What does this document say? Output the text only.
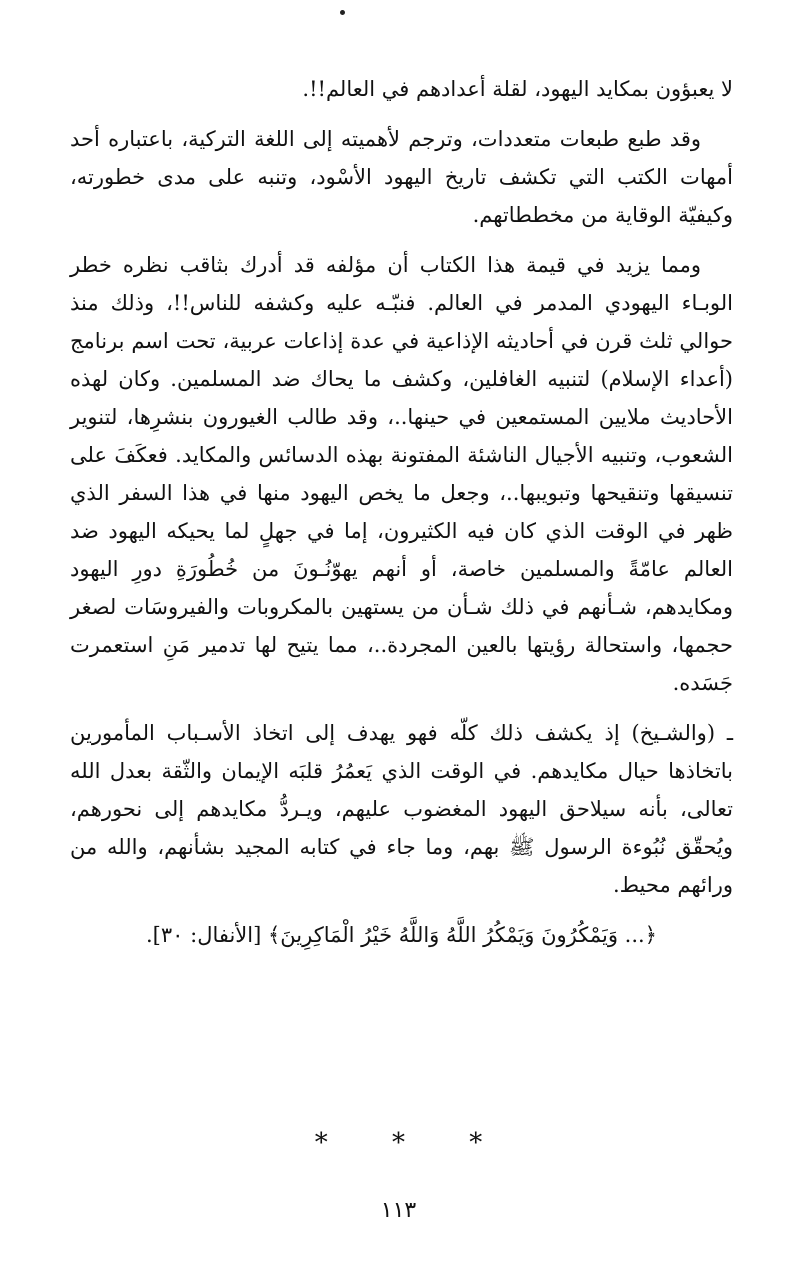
لا يعبؤون بمكايد اليهود، لقلة أعدادهم في العالم!!.

وقد طبع طبعات متعددات، وترجم لأهميته إلى اللغة التركية، باعتباره أحد أمهات الكتب التي تكشف تاريخ اليهود الأسْود، وتنبه على مدى خطورته، وكيفيّة الوقاية من مخططاتهم.

ومما يزيد في قيمة هذا الكتاب أن مؤلفه قد أدرك بثاقب نظره خطر الوبـاء اليهودي المدمر في العالم. فنبّـه عليه وكشفه للناس!!، وذلك منذ حوالي ثلث قرن في أحاديثه الإذاعية في عدة إذاعات عربية، تحت اسم برنامج (أعداء الإسلام) لتنبيه الغافلين، وكشف ما يحاك ضد المسلمين. وكان لهذه الأحاديث ملايين المستمعين في حينها..، وقد طالب الغيورون بنشرِها، لتنوير الشعوب، وتنبيه الأجيال الناشئة المفتونة بهذه الدسائس والمكايد. فعكَفَ على تنسيقها وتنقيحها وتبويبها..، وجعل ما يخص اليهود منها في هذا السفر الذي ظهر في الوقت الذي كان فيه الكثيرون، إما في جهلٍ لما يحيكه اليهود ضد العالم عامّةً والمسلمين خاصة، أو أنهم يهوّنُـونَ من خُطُورَةِ دورِ اليهود ومكايدهم، شـأنهم في ذلك شـأن من يستهين بالمكروبات والفيروسَات لصغر حجمها، واستحالة رؤيتها بالعين المجردة..، مما يتيح لها تدمير مَنِ استعمرت جَسَده.

ـ (والشـيخ) إذ يكشف ذلك كلّه فهو يهدف إلى اتخاذ الأسـباب المأمورين باتخاذها حيال مكايدهم. في الوقت الذي يَعمُرُ قلبَه الإيمان والثّقة بعدل الله تعالى، بأنه سيلاحق اليهود المغضوب عليهم، ويـردُّ مكايدهم إلى نحورهم، ويُحقّق نُبُوءة الرسول ﷺ بهم، وما جاء في كتابه المجيد بشأنهم، والله من ورائهم محيط.

﴿... وَيَمْكُرُونَ وَيَمْكُرُ اللَّهُ وَاللَّهُ خَيْرُ الْمَاكِرِينَ﴾ [الأنفال: ٣٠].

* * *
١١٣
